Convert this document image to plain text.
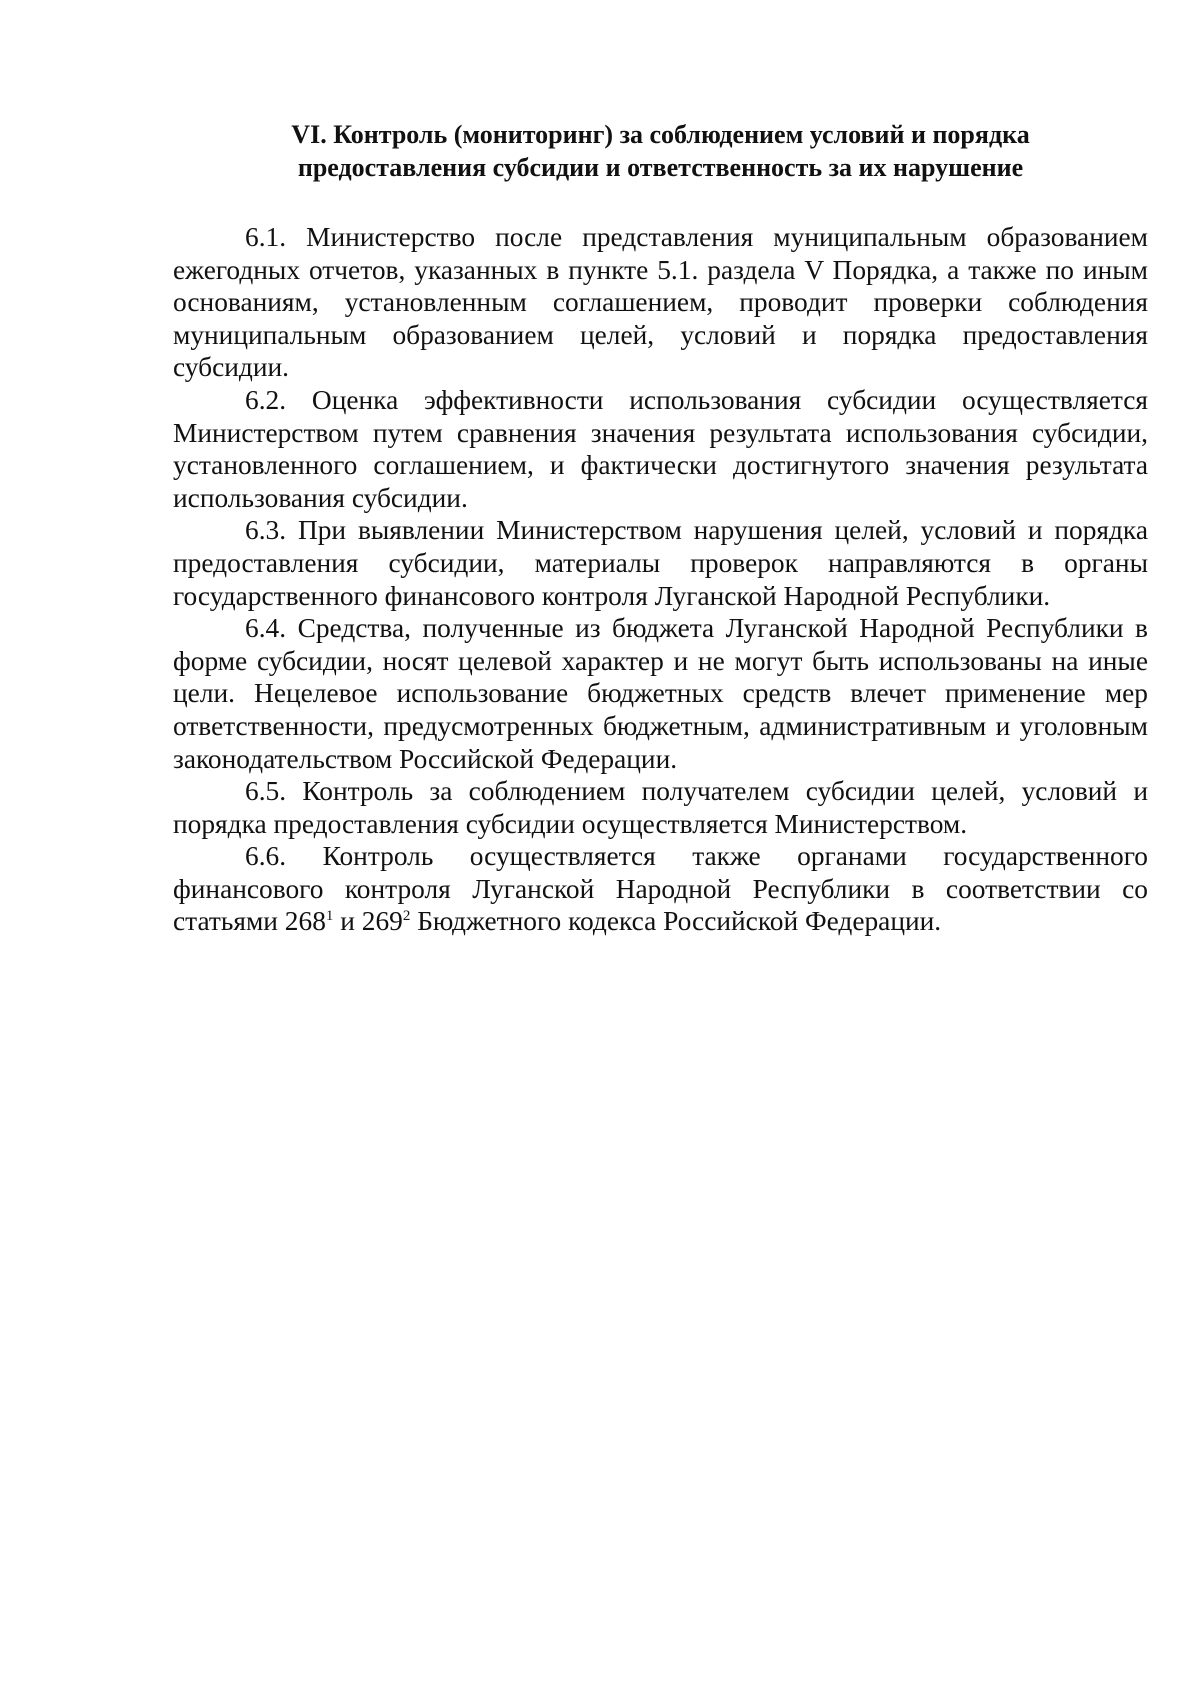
VI. Контроль (мониторинг) за соблюдением условий и порядка
предоставления субсидии и ответственность за их нарушение

6.1. Министерство после представления муниципальным образованием ежегодных отчетов, указанных в пункте 5.1. раздела V Порядка, а также по иным основаниям, установленным соглашением, проводит проверки соблюдения муниципальным образованием целей, условий и порядка предоставления субсидии.

6.2. Оценка эффективности использования субсидии осуществляется Министерством путем сравнения значения результата использования субсидии, установленного соглашением, и фактически достигнутого значения результата использования субсидии.

6.3. При выявлении Министерством нарушения целей, условий и порядка предоставления субсидии, материалы проверок направляются в органы государственного финансового контроля Луганской Народной Республики.

6.4. Средства, полученные из бюджета Луганской Народной Республики в форме субсидии, носят целевой характер и не могут быть использованы на иные цели. Нецелевое использование бюджетных средств влечет применение мер ответственности, предусмотренных бюджетным, административным и уголовным законодательством Российской Федерации.

6.5. Контроль за соблюдением получателем субсидии целей, условий и порядка предоставления субсидии осуществляется Министерством.

6.6. Контроль осуществляется также органами государственного финансового контроля Луганской Народной Республики в соответствии со статьями $268^1$ и $269^2$ Бюджетного кодекса Российской Федерации.
